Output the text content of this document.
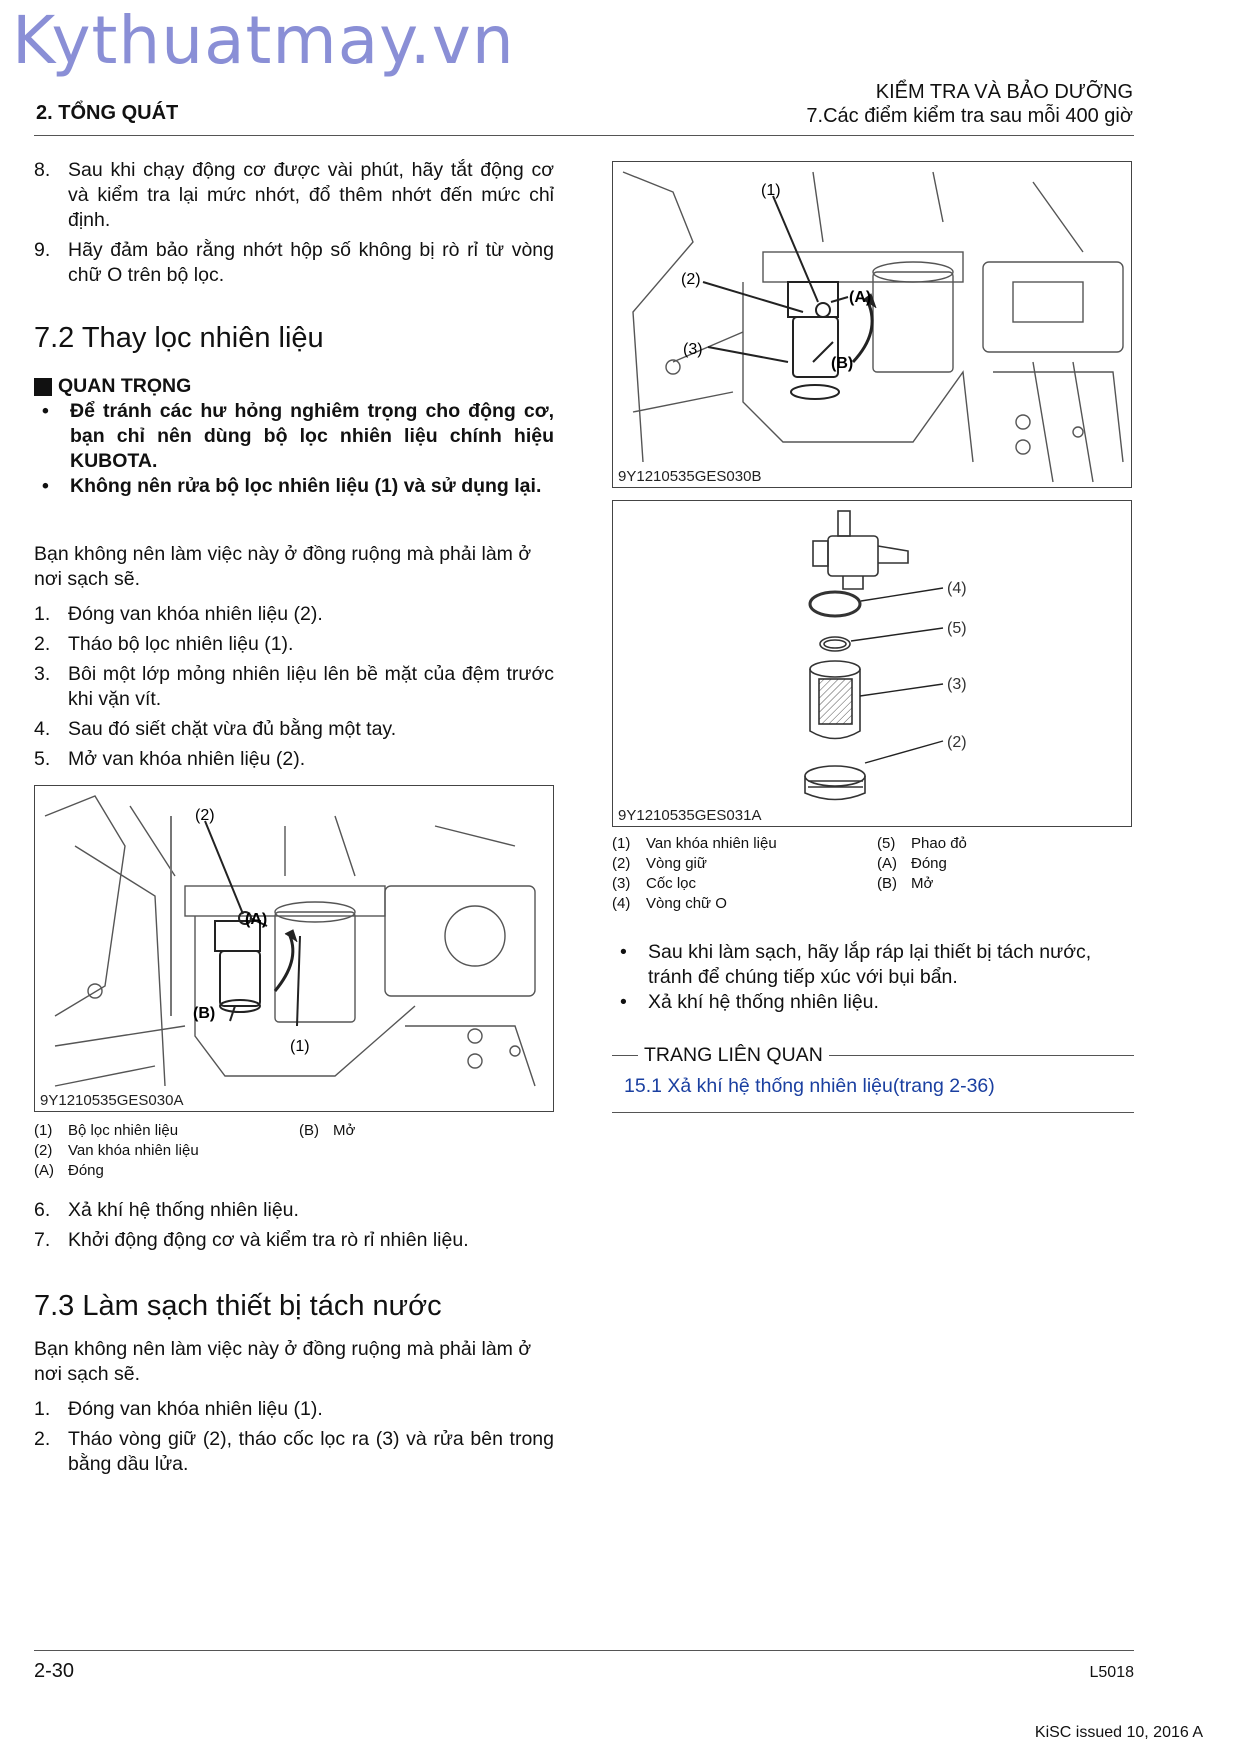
Kythuatmay.vn
2. TỔNG QUÁT
KIỂM TRA VÀ BẢO DƯỠNG
7.Các điểm kiểm tra sau mỗi 400 giờ
8. Sau khi chạy động cơ được vài phút, hãy tắt động cơ và kiểm tra lại mức nhớt, đổ thêm nhớt đến mức chỉ định.
9. Hãy đảm bảo rằng nhớt hộp số không bị rò rỉ từ vòng chữ O trên bộ lọc.
7.2 Thay lọc nhiên liệu
QUAN TRỌNG
•	Để tránh các hư hỏng nghiêm trọng cho động cơ, bạn chỉ nên dùng bộ lọc nhiên liệu chính hiệu KUBOTA.
•	Không nên rửa bộ lọc nhiên liệu (1) và sử dụng lại.
Bạn không nên làm việc này ở đồng ruộng mà phải làm ở nơi sạch sẽ.
1. Đóng van khóa nhiên liệu (2).
2. Tháo bộ lọc nhiên liệu (1).
3. Bôi một lớp mỏng nhiên liệu lên bề mặt của đệm trước khi vặn vít.
4. Sau đó siết chặt vừa đủ bằng một tay.
5. Mở van khóa nhiên liệu (2).
(2)
(A)
(B)
(1)
9Y1210535GES030A
(1)	Bộ lọc nhiên liệu
(2)	Van khóa nhiên liệu
(A) Đóng
(B) Mở
6. Xả khí hệ thống nhiên liệu.
7. Khởi động động cơ và kiểm tra rò rỉ nhiên liệu.
7.3 Làm sạch thiết bị tách nước
Bạn không nên làm việc này ở đồng ruộng mà phải làm ở nơi sạch sẽ.
1. Đóng van khóa nhiên liệu (1).
2. Tháo vòng giữ (2), tháo cốc lọc ra (3) và rửa bên trong bằng dầu lửa.
(1)
(2)
(A)
(3)
(B)
9Y1210535GES030B
(4)
(5)
(3)
(2)
9Y1210535GES031A
(1)	Van khóa nhiên liệu
(2)	Vòng giữ
(3)	Cốc lọc
(4)	Vòng chữ O
(5)	Phao đỏ
(A) Đóng
(B) Mở
•	Sau khi làm sạch, hãy lắp ráp lại thiết bị tách nước, tránh để chúng tiếp xúc với bụi bẩn.
•	Xả khí hệ thống nhiên liệu.
TRANG LIÊN QUAN
15.1 Xả khí hệ thống nhiên liệu(trang 2-36)
2-30	L5018
KiSC issued 10, 2016 A
